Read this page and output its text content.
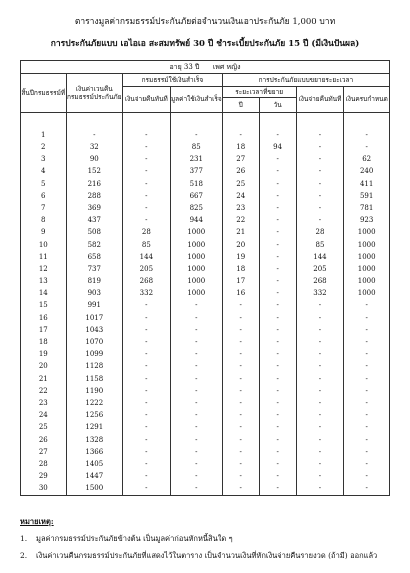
ตารางมูลค่ากรมธรรม์ประกันภัยต่อจำนวนเงินเอาประกันภัย 1,000 บาท
การประกันภัยแบบ เอไอเอ สะสมทรัพย์ 30 ปี ชำระเบี้ยประกันภัย 15 ปี (มีเงินปันผล)
อายุ 33 ปี เพศ หญิง							
สิ้นปีกรมธรรม์ที่	เงินค่าเวนคืนกรมธรรม์ประกันภัย	กรมธรรม์ใช้เงินสำเร็จ		การประกันภัยแบบขยายระยะเวลา			
		เงินจ่ายคืนทันที	มูลค่าใช้เงินสำเร็จ	ระยะเวลาที่ขยาย		เงินจ่ายคืนทันที	เงินครบกำหนด
				ปี	วัน		

1	-	-	-	-	-	-	-
2	32	-	85	18	94	-	-
3	90	-	231	27	-	-	62
4	152	-	377	26	-	-	240
5	216	-	518	25	-	-	411
6	288	-	667	24	-	-	591
7	369	-	825	23	-	-	781
8	437	-	944	22	-	-	923
9	508	28	1000	21	-	28	1000
10	582	85	1000	20	-	85	1000
11	658	144	1000	19	-	144	1000
12	737	205	1000	18	-	205	1000
13	819	268	1000	17	-	268	1000
14	903	332	1000	16	-	332	1000
15	991	-	-	-	-	-	-
16	1017	-	-	-	-	-	-
17	1043	-	-	-	-	-	-
18	1070	-	-	-	-	-	-
19	1099	-	-	-	-	-	-
20	1128	-	-	-	-	-	-
21	1158	-	-	-	-	-	-
22	1190	-	-	-	-	-	-
23	1222	-	-	-	-	-	-
24	1256	-	-	-	-	-	-
25	1291	-	-	-	-	-	-
26	1328	-	-	-	-	-	-
27	1366	-	-	-	-	-	-
28	1405	-	-	-	-	-	-
29	1447	-	-	-	-	-	-
30	1500	-	-	-	-	-	-
หมายเหตุ:
1. มูลค่ากรมธรรม์ประกันภัยข้างต้น เป็นมูลค่าก่อนหักหนี้สินใด ๆ
2. เงินค่าเวนคืนกรมธรรม์ประกันภัยที่แสดงไว้ในตาราง เป็นจำนวนเงินที่หักเงินจ่ายคืนรายงวด (ถ้ามี) ออกแล้ว
